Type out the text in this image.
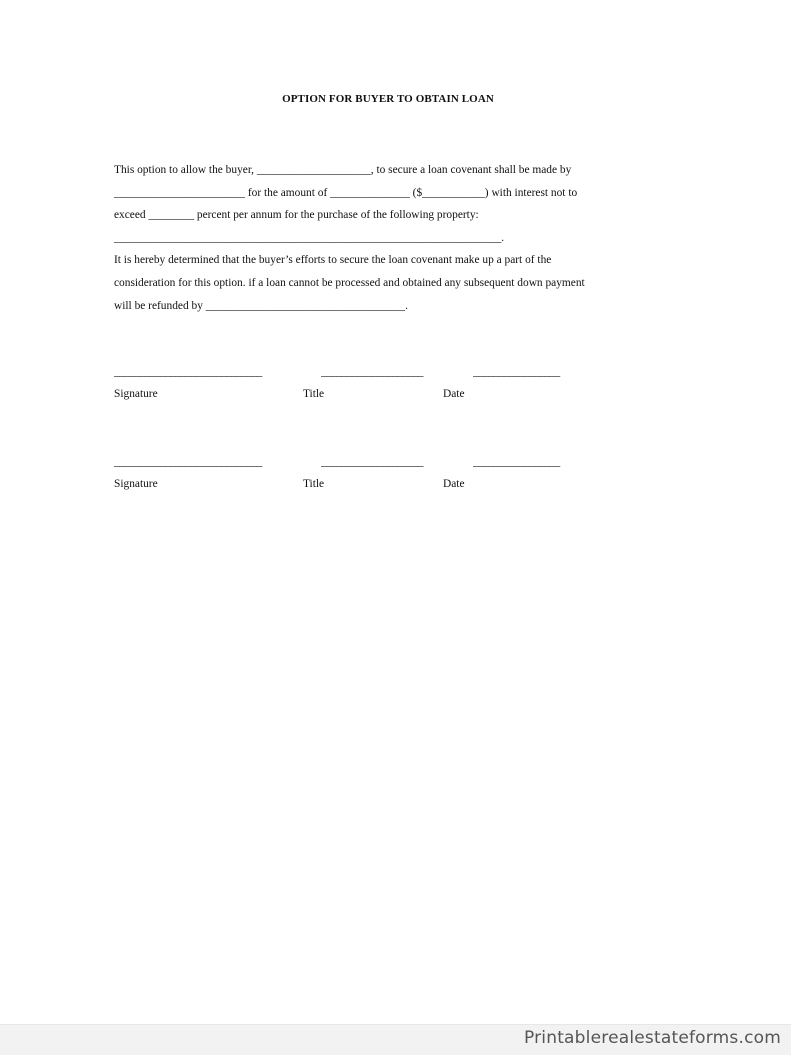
OPTION FOR BUYER TO OBTAIN LOAN
This option to allow the buyer, ____________________, to secure a loan covenant shall be made by
_______________________ for the amount of ______________ ($___________) with interest not to
exceed ________ percent per annum for the purchase of the following property:
____________________________________________________________________.
It is hereby determined that the buyer’s efforts to secure the loan covenant make up a part of the
consideration for this option. if a loan cannot be processed and obtained any subsequent down payment
will be refunded by ___________________________________.
_____________________________	____________________	_________________
Signature	Title	Date
_____________________________	____________________	_________________
Signature	Title	Date
Printablerealestateforms.com
